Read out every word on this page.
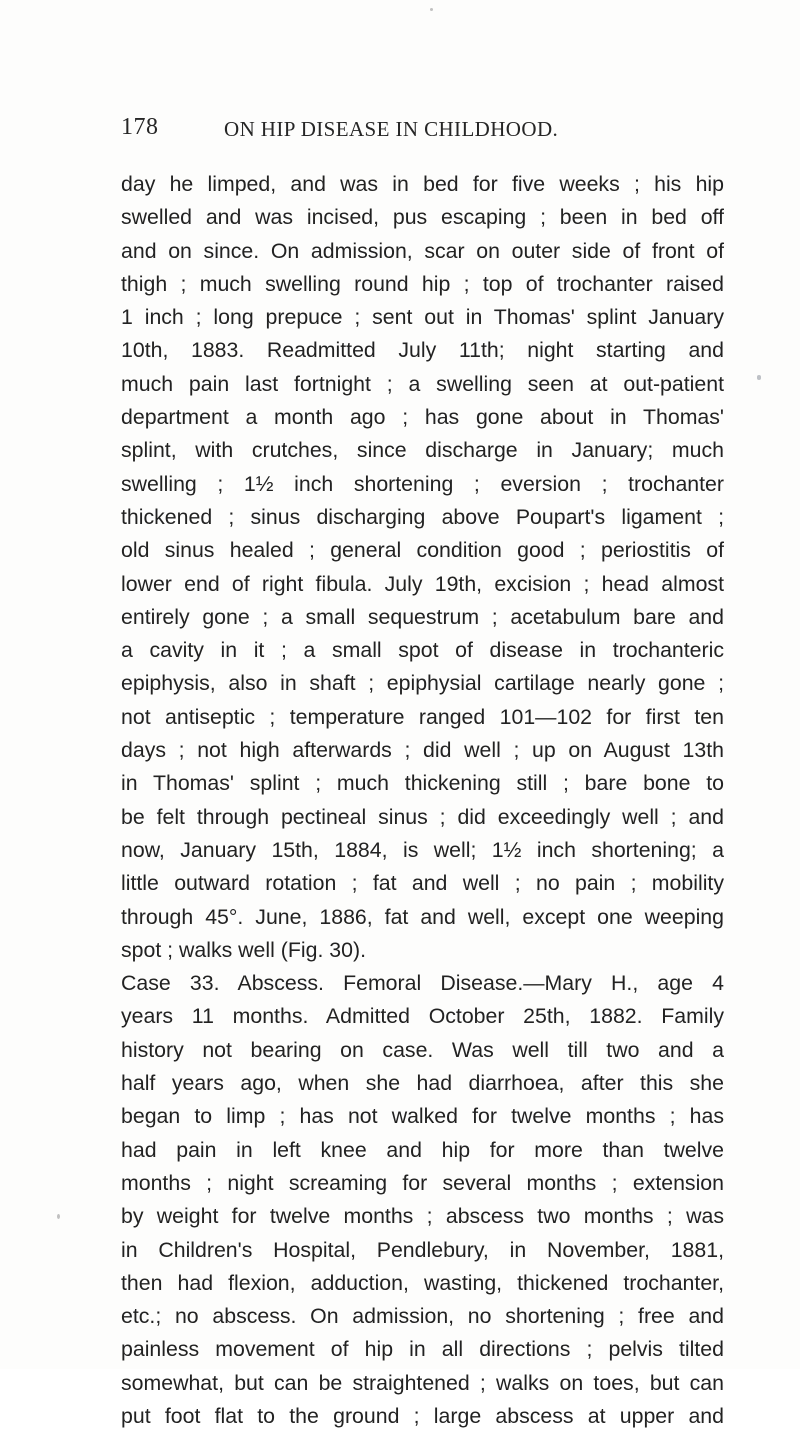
178	ON HIP DISEASE IN CHILDHOOD.
day he limped, and was in bed for five weeks ; his hip
swelled and was incised, pus escaping ; been in bed off
and on since. On admission, scar on outer side of front of
thigh ; much swelling round hip ; top of trochanter raised
1 inch ; long prepuce ; sent out in Thomas' splint January
10th, 1883. Readmitted July 11th; night starting and
much pain last fortnight ; a swelling seen at out-patient
department a month ago ; has gone about in Thomas'
splint, with crutches, since discharge in January; much
swelling ; 1½ inch shortening ; eversion ; trochanter
thickened ; sinus discharging above Poupart's ligament ;
old sinus healed ; general condition good ; periostitis of
lower end of right fibula. July 19th, excision ; head almost
entirely gone ; a small sequestrum ; acetabulum bare and
a cavity in it ; a small spot of disease in trochanteric
epiphysis, also in shaft ; epiphysial cartilage nearly gone ;
not antiseptic ; temperature ranged 101—102 for first ten
days ; not high afterwards ; did well ; up on August 13th
in Thomas' splint ; much thickening still ; bare bone to
be felt through pectineal sinus ; did exceedingly well ; and
now, January 15th, 1884, is well; 1½ inch shortening; a
little outward rotation ; fat and well ; no pain ; mobility
through 45°. June, 1886, fat and well, except one weeping
spot ; walks well (Fig. 30).
Case 33. Abscess. Femoral Disease.—Mary H., age 4
years 11 months. Admitted October 25th, 1882. Family
history not bearing on case. Was well till two and a
half years ago, when she had diarrhoea, after this she
began to limp ; has not walked for twelve months ; has
had pain in left knee and hip for more than twelve
months ; night screaming for several months ; extension
by weight for twelve months ; abscess two months ; was
in Children's Hospital, Pendlebury, in November, 1881,
then had flexion, adduction, wasting, thickened trochanter,
etc.; no abscess. On admission, no shortening ; free and
painless movement of hip in all directions ; pelvis tilted
somewhat, but can be straightened ; walks on toes, but can
put foot flat to the ground ; large abscess at upper and
